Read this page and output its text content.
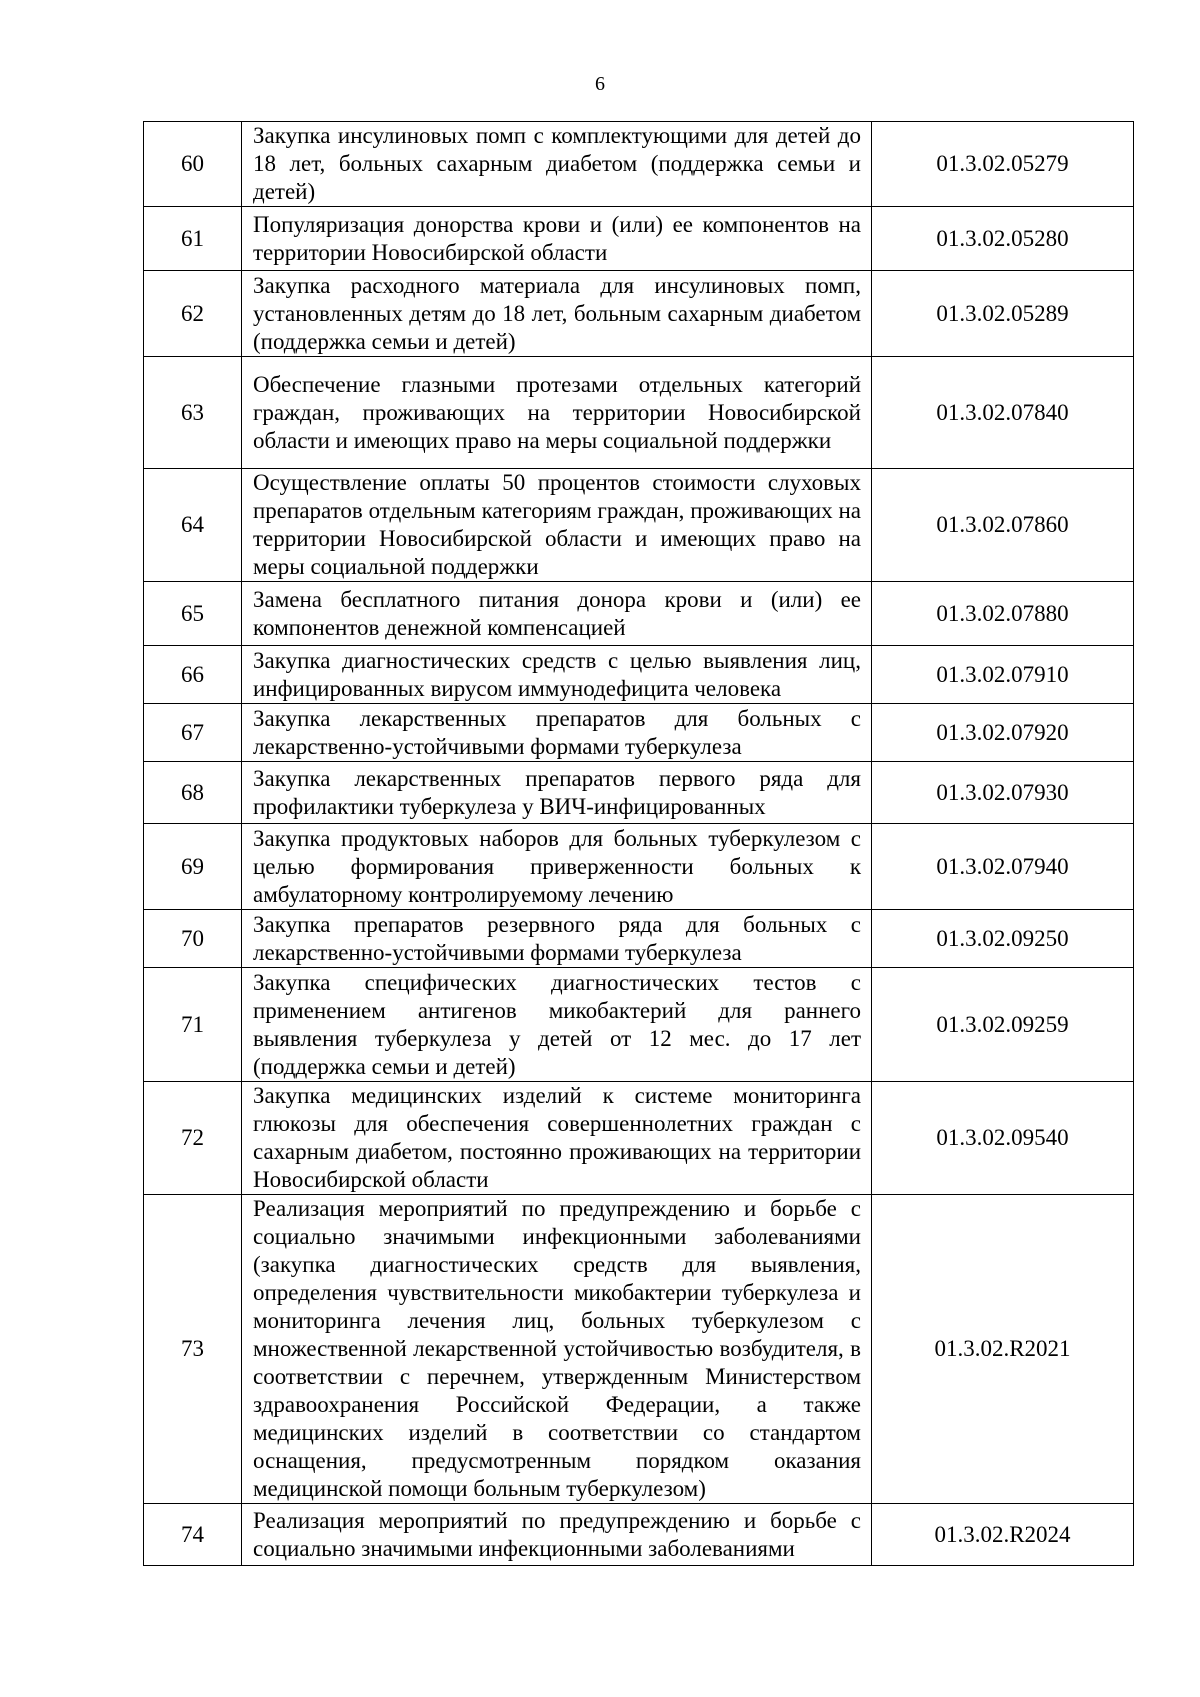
6
60	Закупка инсулиновых помп с комплектующими для детей до 18 лет, больных сахарным диабетом (поддержка семьи и детей)	01.3.02.05279
61	Популяризация донорства крови и (или) ее компонентов на территории Новосибирской области	01.3.02.05280
62	Закупка расходного материала для инсулиновых помп, установленных детям до 18 лет, больным сахарным диабетом (поддержка семьи и детей)	01.3.02.05289
63	Обеспечение глазными протезами отдельных категорий граждан, проживающих на территории Новосибирской области и имеющих право на меры социальной поддержки	01.3.02.07840
64	Осуществление оплаты 50 процентов стоимости слуховых препаратов отдельным категориям граждан, проживающих на территории Новосибирской области и имеющих право на меры социальной поддержки	01.3.02.07860
65	Замена бесплатного питания донора крови и (или) ее компонентов денежной компенсацией	01.3.02.07880
66	Закупка диагностических средств с целью выявления лиц, инфицированных вирусом иммунодефицита человека	01.3.02.07910
67	Закупка лекарственных препаратов для больных с лекарственно-устойчивыми формами туберкулеза	01.3.02.07920
68	Закупка лекарственных препаратов первого ряда для профилактики туберкулеза у ВИЧ-инфицированных	01.3.02.07930
69	Закупка продуктовых наборов для больных туберкулезом с целью формирования приверженности больных к амбулаторному контролируемому лечению	01.3.02.07940
70	Закупка препаратов резервного ряда для больных с лекарственно-устойчивыми формами туберкулеза	01.3.02.09250
71	Закупка специфических диагностических тестов с применением антигенов микобактерий для раннего выявления туберкулеза у детей от 12 мес. до 17 лет (поддержка семьи и детей)	01.3.02.09259
72	Закупка медицинских изделий к системе мониторинга глюкозы для обеспечения совершеннолетних граждан с сахарным диабетом, постоянно проживающих на территории Новосибирской области	01.3.02.09540
73	Реализация мероприятий по предупреждению и борьбе с социально значимыми инфекционными заболеваниями (закупка диагностических средств для выявления, определения чувствительности микобактерии туберкулеза и мониторинга лечения лиц, больных туберкулезом с множественной лекарственной устойчивостью возбудителя, в соответствии с перечнем, утвержденным Министерством здравоохранения Российской Федерации, а также медицинских изделий в соответствии со стандартом оснащения, предусмотренным порядком оказания медицинской помощи больным туберкулезом)	01.3.02.R2021
74	Реализация мероприятий по предупреждению и борьбе с социально значимыми инфекционными заболеваниями	01.3.02.R2024
